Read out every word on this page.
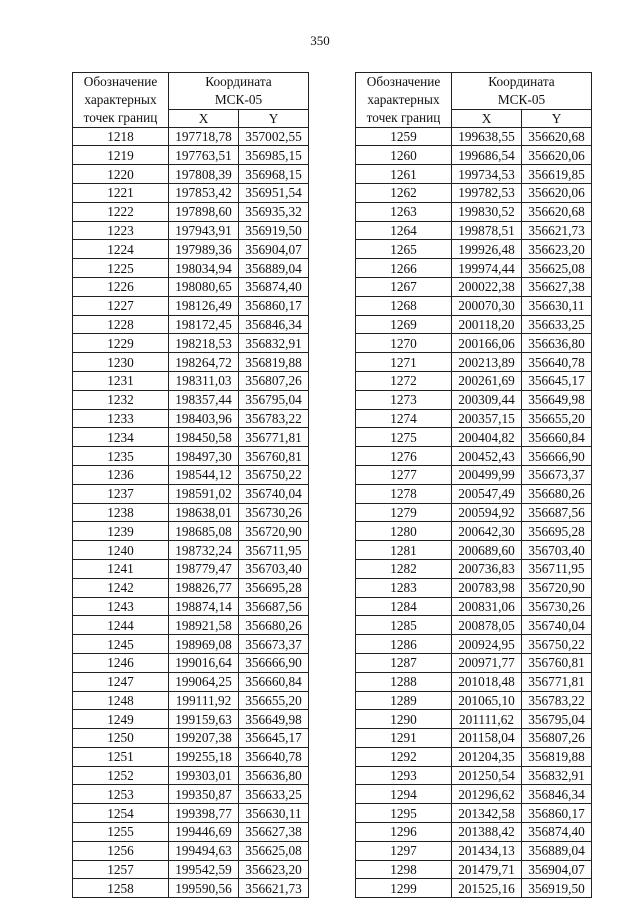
350
Обозначение
характерных
точек границ	Координата
МСК-05	

	X	Y
1218	197718,78	357002,55
1219	197763,51	356985,15
1220	197808,39	356968,15
1221	197853,42	356951,54
1222	197898,60	356935,32
1223	197943,91	356919,50
1224	197989,36	356904,07
1225	198034,94	356889,04
1226	198080,65	356874,40
1227	198126,49	356860,17
1228	198172,45	356846,34
1229	198218,53	356832,91
1230	198264,72	356819,88
1231	198311,03	356807,26
1232	198357,44	356795,04
1233	198403,96	356783,22
1234	198450,58	356771,81
1235	198497,30	356760,81
1236	198544,12	356750,22
1237	198591,02	356740,04
1238	198638,01	356730,26
1239	198685,08	356720,90
1240	198732,24	356711,95
1241	198779,47	356703,40
1242	198826,77	356695,28
1243	198874,14	356687,56
1244	198921,58	356680,26
1245	198969,08	356673,37
1246	199016,64	356666,90
1247	199064,25	356660,84
1248	199111,92	356655,20
1249	199159,63	356649,98
1250	199207,38	356645,17
1251	199255,18	356640,78
1252	199303,01	356636,80
1253	199350,87	356633,25
1254	199398,77	356630,11
1255	199446,69	356627,38
1256	199494,63	356625,08
1257	199542,59	356623,20
1258	199590,56	356621,73
Обозначение
характерных
точек границ	Координата
МСК-05	

	X	Y
1259	199638,55	356620,68
1260	199686,54	356620,06
1261	199734,53	356619,85
1262	199782,53	356620,06
1263	199830,52	356620,68
1264	199878,51	356621,73
1265	199926,48	356623,20
1266	199974,44	356625,08
1267	200022,38	356627,38
1268	200070,30	356630,11
1269	200118,20	356633,25
1270	200166,06	356636,80
1271	200213,89	356640,78
1272	200261,69	356645,17
1273	200309,44	356649,98
1274	200357,15	356655,20
1275	200404,82	356660,84
1276	200452,43	356666,90
1277	200499,99	356673,37
1278	200547,49	356680,26
1279	200594,92	356687,56
1280	200642,30	356695,28
1281	200689,60	356703,40
1282	200736,83	356711,95
1283	200783,98	356720,90
1284	200831,06	356730,26
1285	200878,05	356740,04
1286	200924,95	356750,22
1287	200971,77	356760,81
1288	201018,48	356771,81
1289	201065,10	356783,22
1290	201111,62	356795,04
1291	201158,04	356807,26
1292	201204,35	356819,88
1293	201250,54	356832,91
1294	201296,62	356846,34
1295	201342,58	356860,17
1296	201388,42	356874,40
1297	201434,13	356889,04
1298	201479,71	356904,07
1299	201525,16	356919,50
